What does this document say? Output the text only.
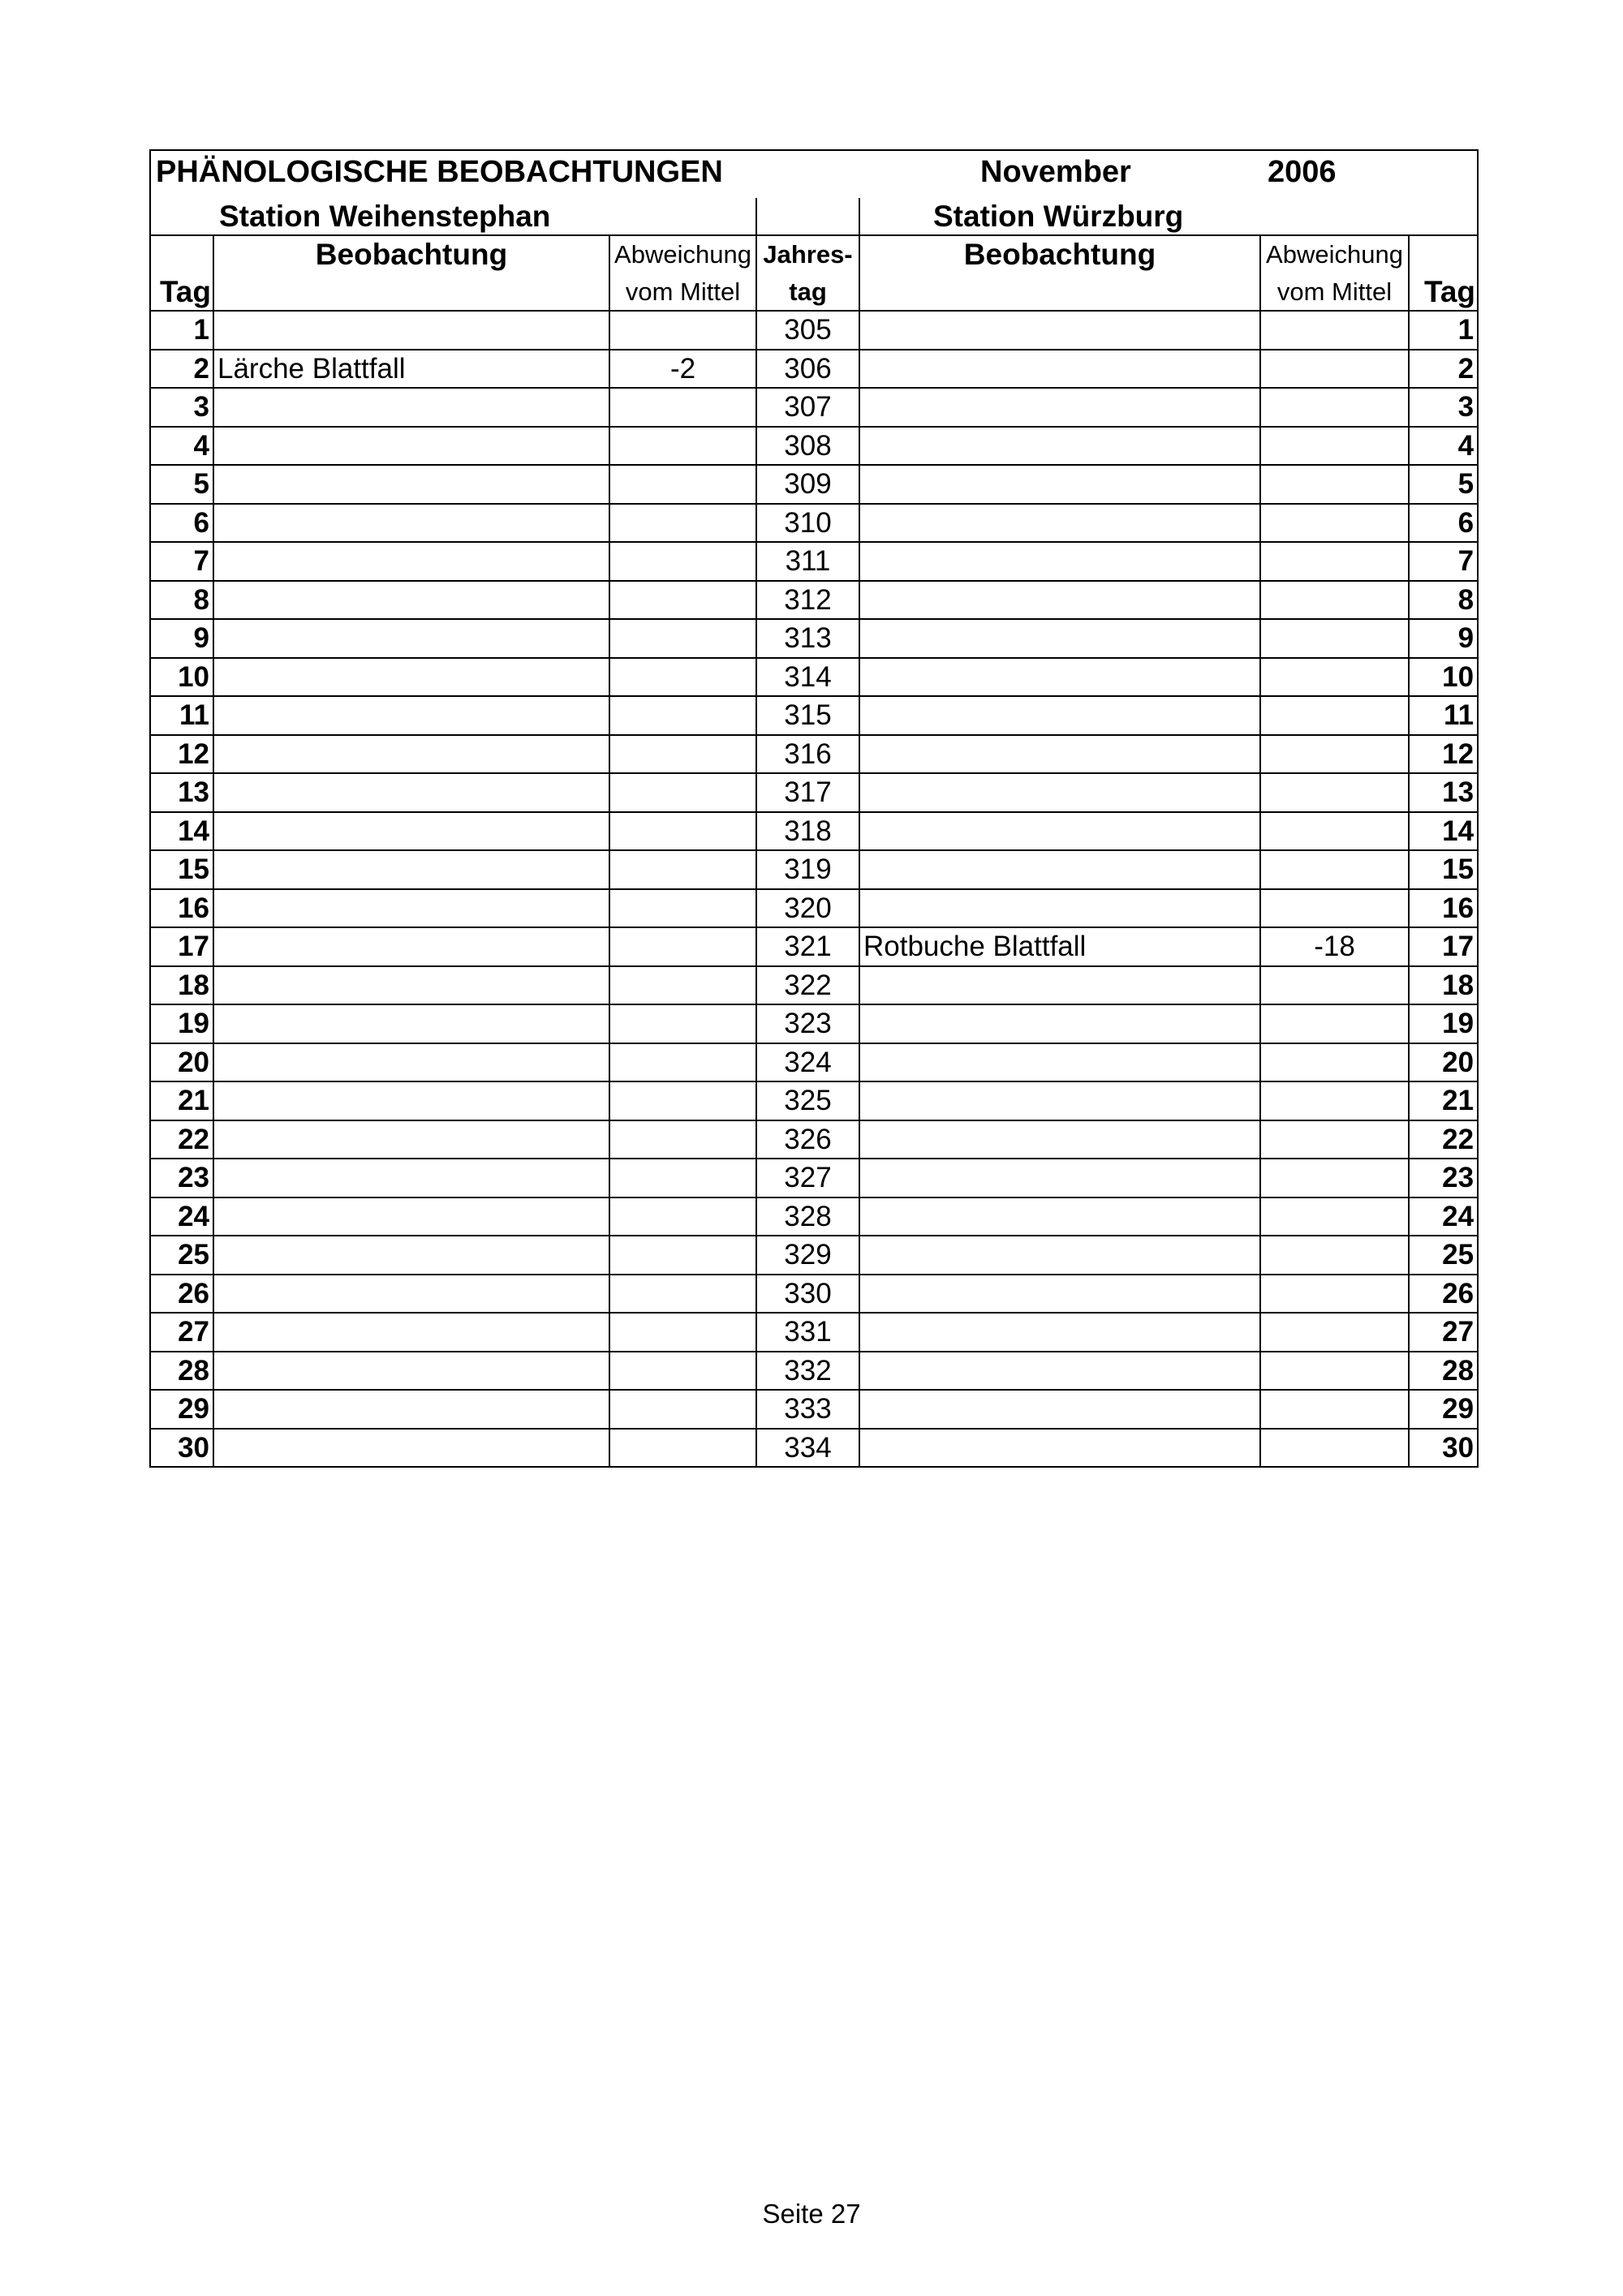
PHÄNOLOGISCHE BEOBACHTUNGEN November 2006						

Station Weihenstephan				Station Würzburg		
	Beobachtung	Abweichung	Jahres-	Beobachtung	Abweichung	
Tag		vom Mittel	tag		vom Mittel	Tag
1			305			1
2	Lärche Blattfall	-2	306			2
3			307			3
4			308			4
5			309			5
6			310			6
7			311			7
8			312			8
9			313			9
10			314			10
11			315			11
12			316			12
13			317			13
14			318			14
15			319			15
16			320			16
17			321	Rotbuche Blattfall	-18	17
18			322			18
19			323			19
20			324			20
21			325			21
22			326			22
23			327			23
24			328			24
25			329			25
26			330			26
27			331			27
28			332			28
29			333			29
30			334			30
Seite 27
